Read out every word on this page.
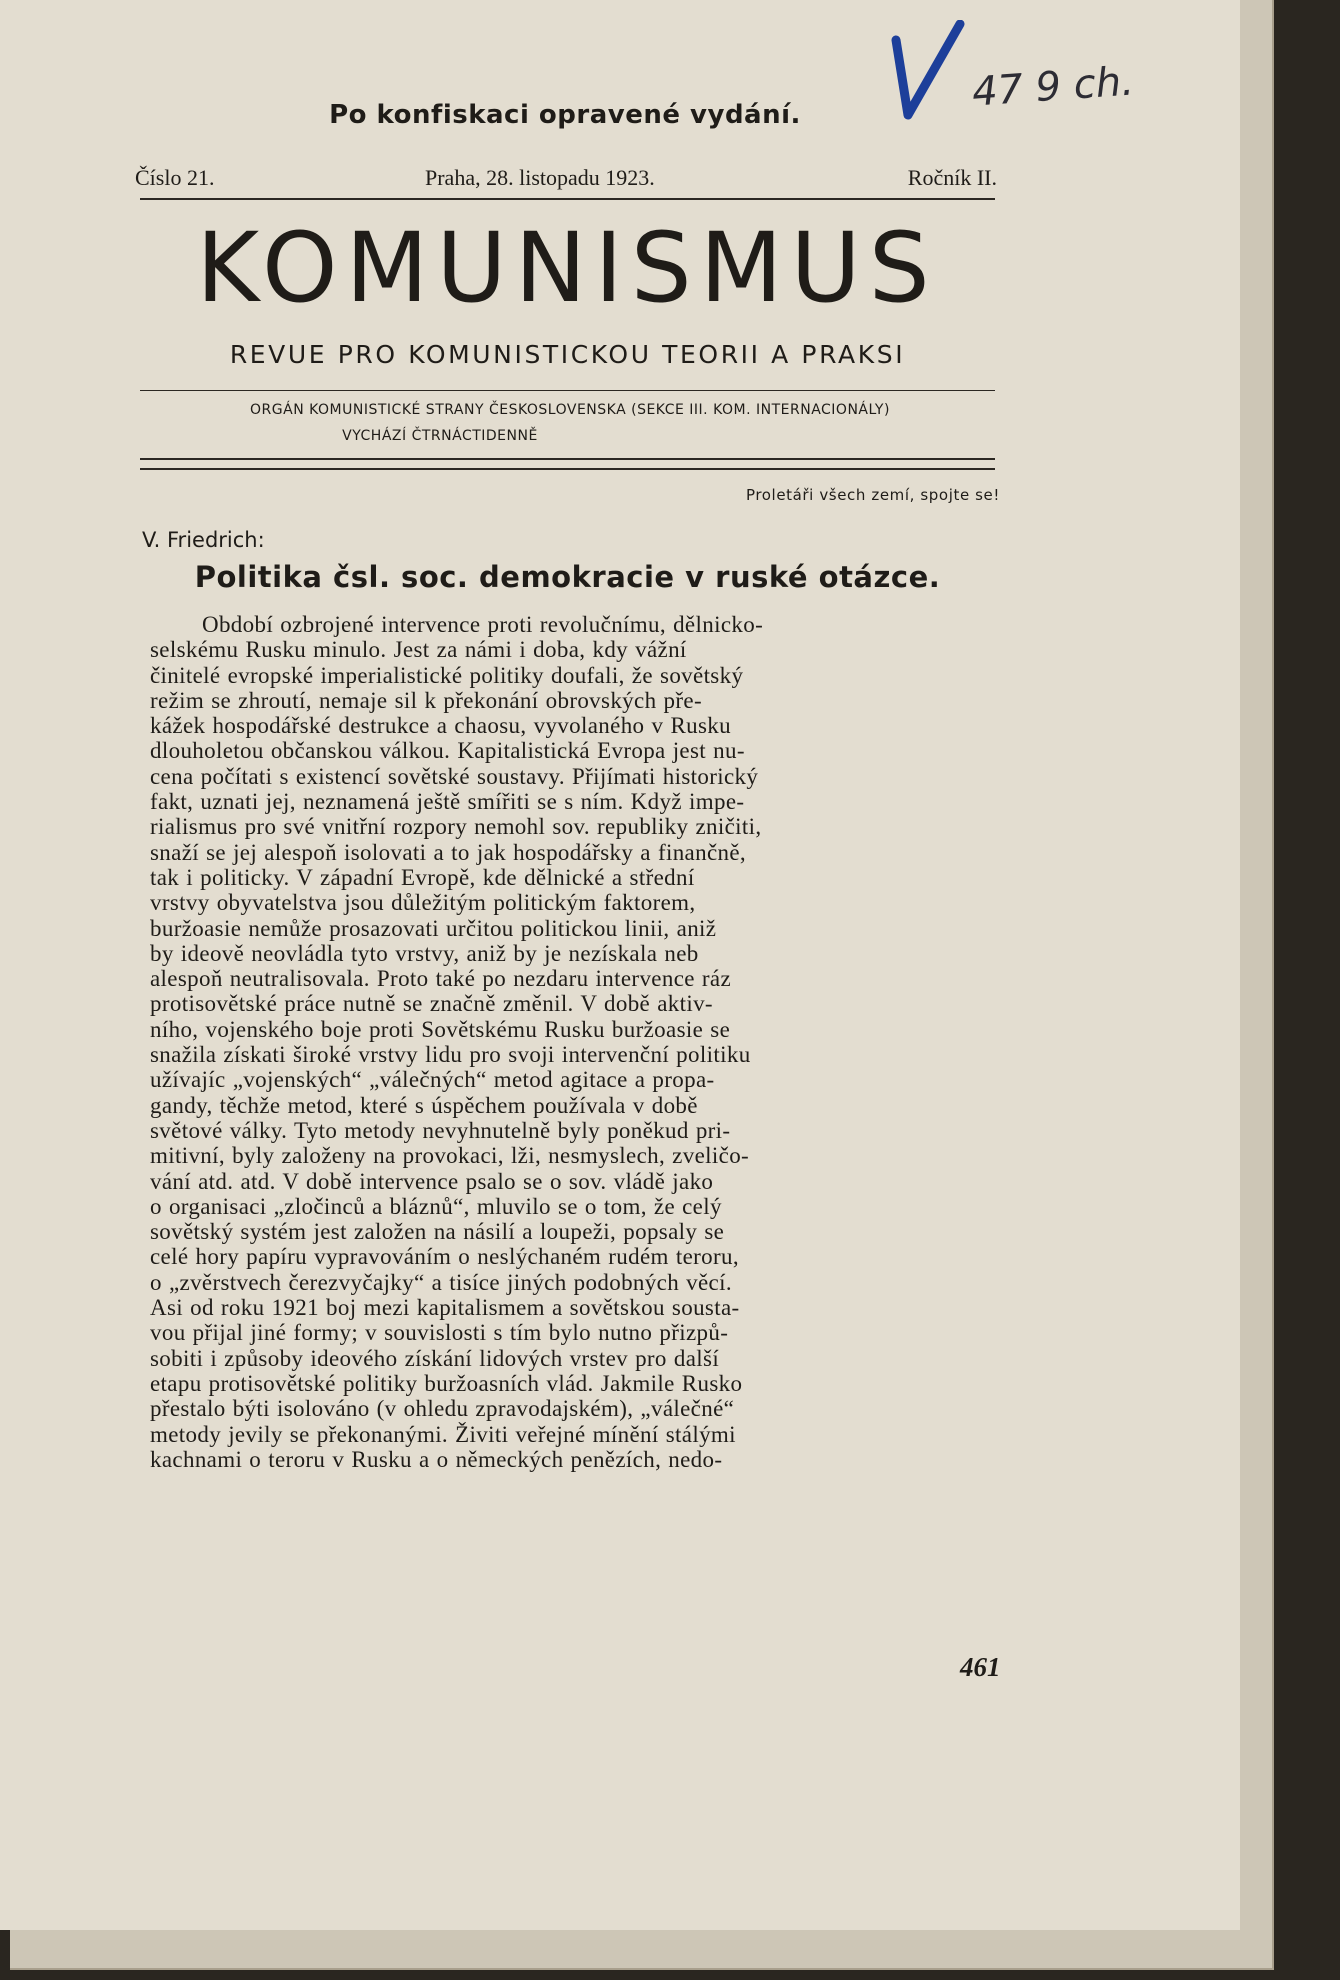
47 9 ch.
Po konfiskaci opravené vydání.
Číslo 21.	Praha, 28. listopadu 1923.	Ročník II.
KOMUNISMUS
REVUE PRO KOMUNISTICKOU TEORII A PRAKSI
ORGÁN KOMUNISTICKÉ STRANY ČESKOSLOVENSKA (SEKCE III. KOM. INTERNACIONÁLY)
VYCHÁZÍ ČTRNÁCTIDENNĚ
Proletáři všech zemí, spojte se!
V. Friedrich:
Politika čsl. soc. demokracie v ruské otázce.
Období ozbrojené intervence proti revolučnímu, dělnicko-
selskému Rusku minulo. Jest za námi i doba, kdy vážní
činitelé evropské imperialistické politiky doufali, že sovětský
režim se zhroutí, nemaje sil k překonání obrovských pře-
kážek hospodářské destrukce a chaosu, vyvolaného v Rusku
dlouholetou občanskou válkou. Kapitalistická Evropa jest nu-
cena počítati s existencí sovětské soustavy. Přijímati historický
fakt, uznati jej, neznamená ještě smířiti se s ním. Když impe-
rialismus pro své vnitřní rozpory nemohl sov. republiky zničiti,
snaží se jej alespoň isolovati a to jak hospodářsky a finančně,
tak i politicky. V západní Evropě, kde dělnické a střední
vrstvy obyvatelstva jsou důležitým politickým faktorem,
buržoasie nemůže prosazovati určitou politickou linii, aniž
by ideově neovládla tyto vrstvy, aniž by je nezískala neb
alespoň neutralisovala. Proto také po nezdaru intervence ráz
protisovětské práce nutně se značně změnil. V době aktiv-
ního, vojenského boje proti Sovětskému Rusku buržoasie se
snažila získati široké vrstvy lidu pro svoji intervenční politiku
užívajíc „vojenských“ „válečných“ metod agitace a propa-
gandy, těchže metod, které s úspěchem používala v době
světové války. Tyto metody nevyhnutelně byly poněkud pri-
mitivní, byly založeny na provokaci, lži, nesmyslech, zveličo-
vání atd. atd. V době intervence psalo se o sov. vládě jako
o organisaci „zločinců a bláznů“, mluvilo se o tom, že celý
sovětský systém jest založen na násilí a loupeži, popsaly se
celé hory papíru vypravováním o neslýchaném rudém teroru,
o „zvěrstvech čerezvyčajky“ a tisíce jiných podobných věcí.
Asi od roku 1921 boj mezi kapitalismem a sovětskou sousta-
vou přijal jiné formy; v souvislosti s tím bylo nutno přizpů-
sobiti i způsoby ideového získání lidových vrstev pro další
etapu protisovětské politiky buržoasních vlád. Jakmile Rusko
přestalo býti isolováno (v ohledu zpravodajském), „válečné“
metody jevily se překonanými. Živiti veřejné mínění stálými
kachnami o teroru v Rusku a o německých penězích, nedo-
461
